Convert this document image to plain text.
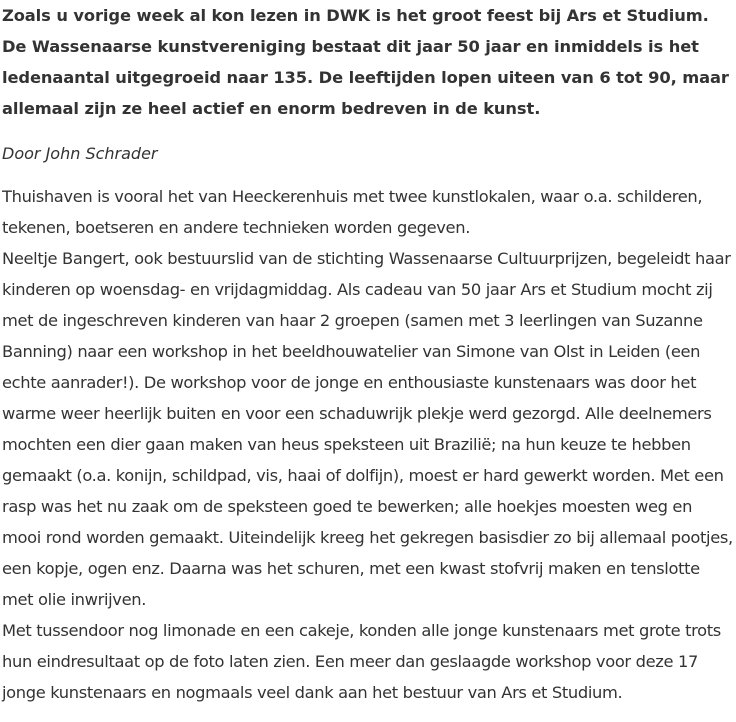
Zoals u vorige week al kon lezen in DWK is het groot feest bij Ars et Studium. De Wassenaarse kunstvereniging bestaat dit jaar 50 jaar en inmiddels is het ledenaantal uitgegroeid naar 135. De leeftijden lopen uiteen van 6 tot 90, maar allemaal zijn ze heel actief en enorm bedreven in de kunst.

Door John Schrader

Thuishaven is vooral het van Heeckerenhuis met twee kunstlokalen, waar o.a. schilderen, tekenen, boetseren en andere technieken worden gegeven.

Neeltje Bangert, ook bestuurslid van de stichting Wassenaarse Cultuurprijzen, begeleidt haar kinderen op woensdag- en vrijdagmiddag. Als cadeau van 50 jaar Ars et Studium mocht zij met de ingeschreven kinderen van haar 2 groepen (samen met 3 leerlingen van Suzanne Banning) naar een workshop in het beeldhouwatelier van Simone van Olst in Leiden (een echte aanrader!). De workshop voor de jonge en enthousiaste kunstenaars was door het warme weer heerlijk buiten en voor een schaduwrijk plekje werd gezorgd. Alle deelnemers mochten een dier gaan maken van heus speksteen uit Brazilië; na hun keuze te hebben gemaakt (o.a. konijn, schildpad, vis, haai of dolfijn), moest er hard gewerkt worden. Met een rasp was het nu zaak om de speksteen goed te bewerken; alle hoekjes moesten weg en mooi rond worden gemaakt. Uiteindelijk kreeg het gekregen basisdier zo bij allemaal pootjes, een kopje, ogen enz. Daarna was het schuren, met een kwast stofvrij maken en tenslotte met olie inwrijven.

Met tussendoor nog limonade en een cakeje, konden alle jonge kunstenaars met grote trots hun eindresultaat op de foto laten zien. Een meer dan geslaagde workshop voor deze 17 jonge kunstenaars en nogmaals veel dank aan het bestuur van Ars et Studium.
